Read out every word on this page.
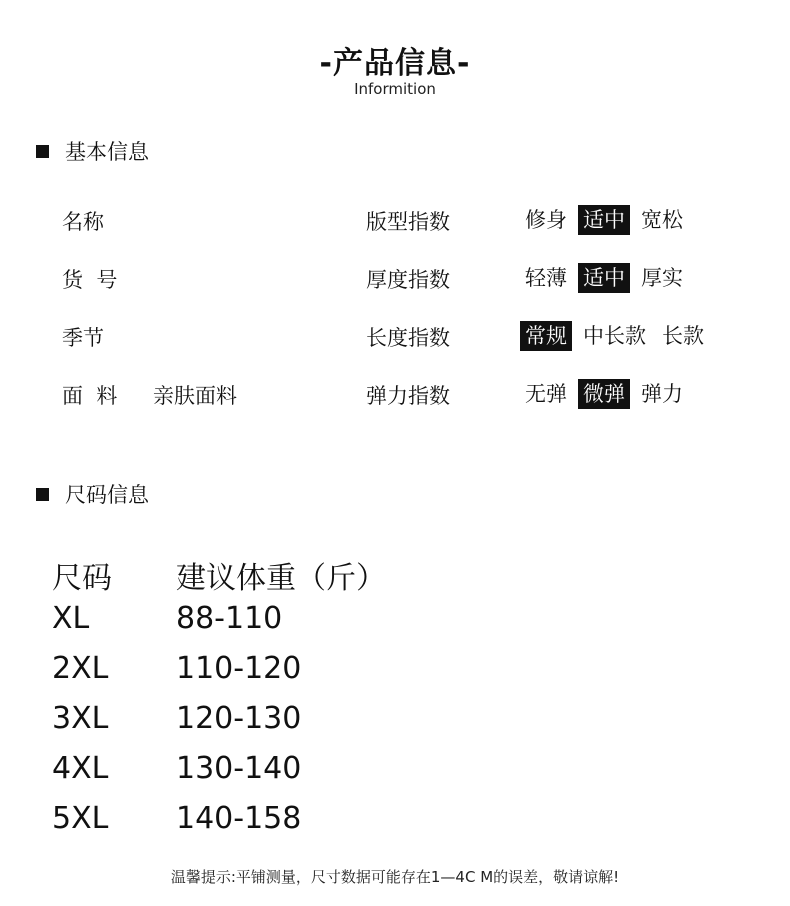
-产品信息-
Informition
基本信息
名称
货  号
季节
面  料 亲肤面料
版型指数
厚度指数
长度指数
弹力指数
修身 适中 宽松
轻薄 适中 厚实
常规 中长款 长款
无弹 微弹 弹力
尺码信息
尺码 建议体重（斤）
XL	88-110
2XL 110-120
3XL 120-130
4XL 130-140
5XL 140-158
温馨提示:平铺测量，尺寸数据可能存在1—4C M的误差，敬请谅解!
